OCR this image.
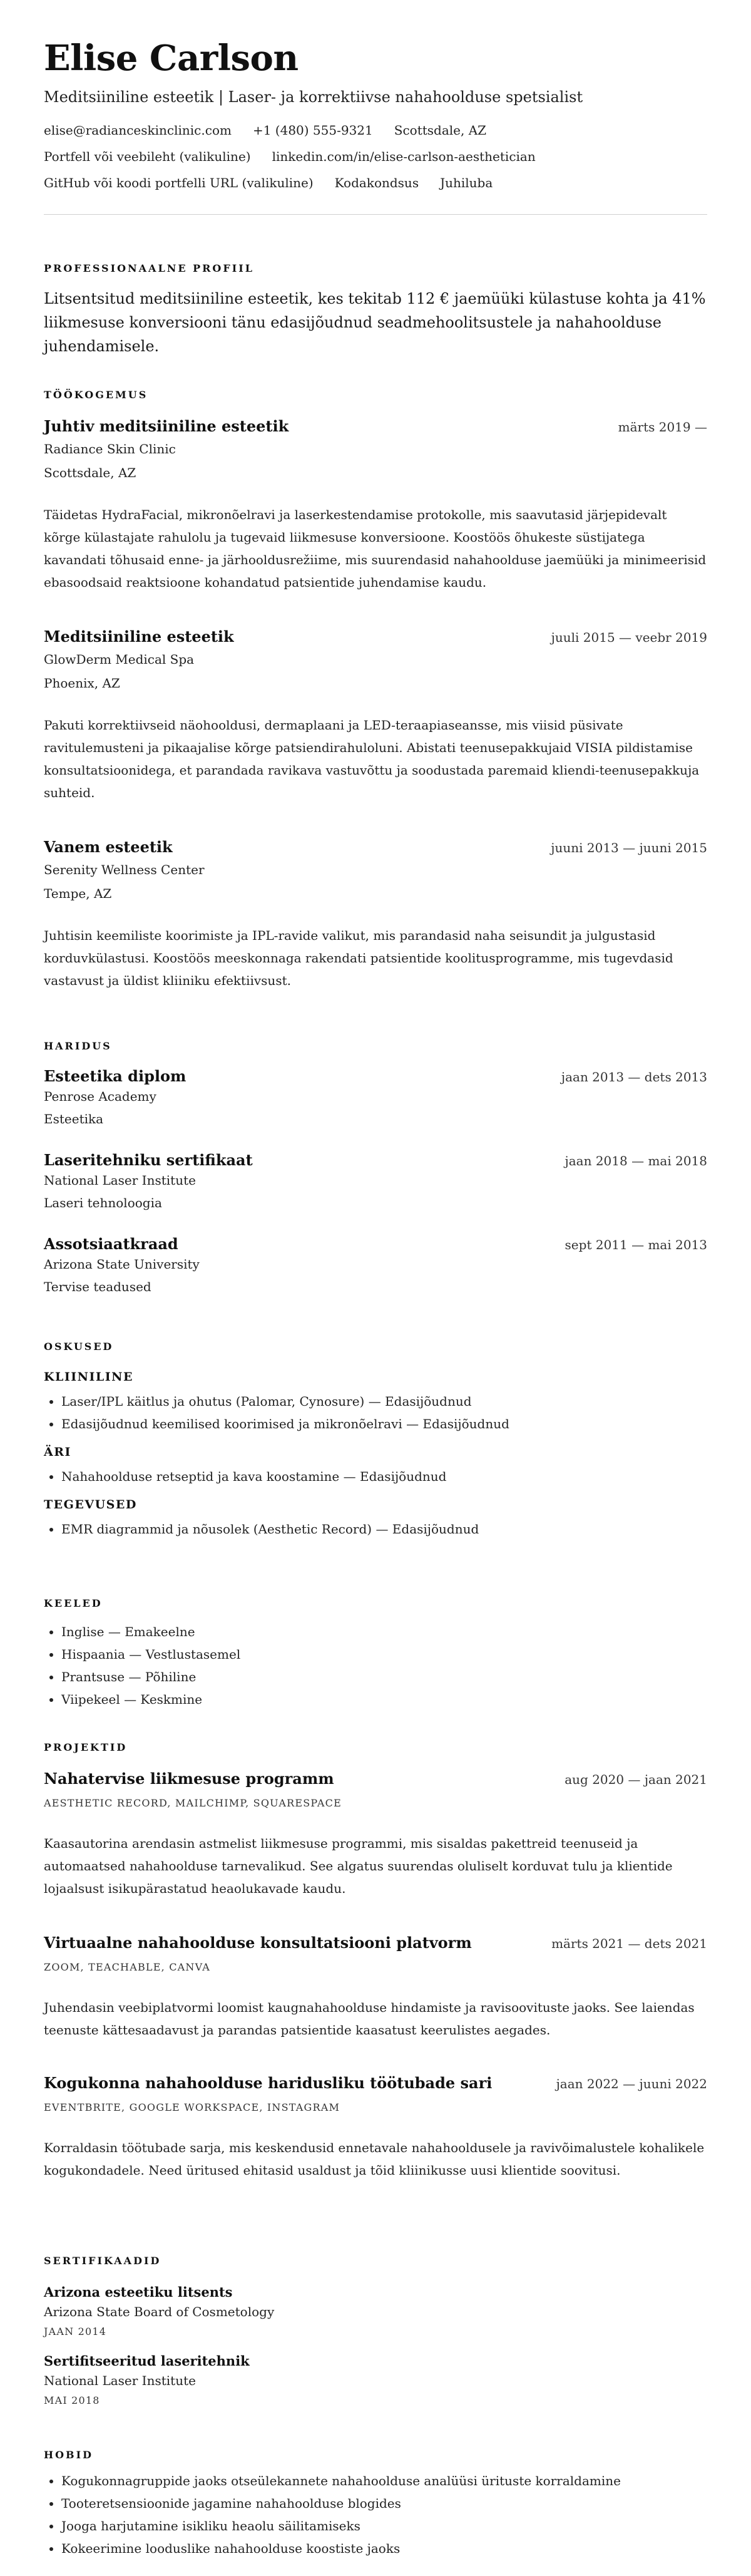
Elise Carlson
Meditsiiniline esteetik | Laser- ja korrektiivse nahahoolduse spetsialist
elise@radianceskinclinic.com +1 (480) 555-9321 Scottsdale, AZ
Portfell või veebileht (valikuline) linkedin.com/in/elise-carlson-aesthetician
GitHub või koodi portfelli URL (valikuline) Kodakondsus Juhiluba
PROFESSIONAALNE PROFIIL
Litsentsitud meditsiiniline esteetik, kes tekitab 112 € jaemüüki külastuse kohta ja 41% liikmesuse konversiooni tänu edasijõudnud seadmehoolitsustele ja nahahoolduse juhendamisele.
TÖÖKOGEMUS
Juhtiv meditsiiniline esteetik	märts 2019 —
Radiance Skin Clinic
Scottsdale, AZ
Täidetas HydraFacial, mikronõelravi ja laserkestendamise protokolle, mis saavutasid järjepidevalt kõrge külastajate rahulolu ja tugevaid liikmesuse konversioone. Koostöös õhukeste süstijatega kavandati tõhusaid enne- ja järhooldusrežiime, mis suurendasid nahahoolduse jaemüüki ja minimeerisid ebasoodsaid reaktsioone kohandatud patsientide juhendamise kaudu.
Meditsiiniline esteetik	juuli 2015 — veebr 2019
GlowDerm Medical Spa
Phoenix, AZ
Pakuti korrektiivseid näohooldusi, dermaplaani ja LED-teraapiaseansse, mis viisid püsivate ravitulemusteni ja pikaajalise kõrge patsiendirahuloluni. Abistati teenusepakkujaid VISIA pildistamise konsultatsioonidega, et parandada ravikava vastuvõttu ja soodustada paremaid kliendi-teenusepakkuja suhteid.
Vanem esteetik	juuni 2013 — juuni 2015
Serenity Wellness Center
Tempe, AZ
Juhtisin keemiliste koorimiste ja IPL-ravide valikut, mis parandasid naha seisundit ja julgustasid korduvkülastusi. Koostöös meeskonnaga rakendati patsientide koolitusprogramme, mis tugevdasid vastavust ja üldist kliiniku efektiivsust.
HARIDUS
Esteetika diplom	jaan 2013 — dets 2013
Penrose Academy
Esteetika
Laseritehniku sertifikaat	jaan 2018 — mai 2018
National Laser Institute
Laseri tehnoloogia
Assotsiaatkraad	sept 2011 — mai 2013
Arizona State University
Tervise teadused
OSKUSED
KLIINILINE
• Laser/IPL käitlus ja ohutus (Palomar, Cynosure) — Edasijõudnud
• Edasijõudnud keemilised koorimised ja mikronõelravi — Edasijõudnud
ÄRI
• Nahahoolduse retseptid ja kava koostamine — Edasijõudnud
TEGEVUSED
• EMR diagrammid ja nõusolek (Aesthetic Record) — Edasijõudnud
KEELED
• Inglise — Emakeelne
• Hispaania — Vestlustasemel
• Prantsuse — Põhiline
• Viipekeel — Keskmine
PROJEKTID
Nahatervise liikmesuse programm	aug 2020 — jaan 2021
AESTHETIC RECORD, MAILCHIMP, SQUARESPACE
Kaasautorina arendasin astmelist liikmesuse programmi, mis sisaldas pakettreid teenuseid ja automaatsed nahahoolduse tarnevalikud. See algatus suurendas oluliselt korduvat tulu ja klientide lojaalsust isikupärastatud heaolukavade kaudu.
Virtuaalne nahahoolduse konsultatsiooni platvorm	märts 2021 — dets 2021
ZOOM, TEACHABLE, CANVA
Juhendasin veebiplatvormi loomist kaugnahahoolduse hindamiste ja ravisoovituste jaoks. See laiendas teenuste kättesaadavust ja parandas patsientide kaasatust keerulistes aegades.
Kogukonna nahahoolduse haridusliku töötubade sari	jaan 2022 — juuni 2022
EVENTBRITE, GOOGLE WORKSPACE, INSTAGRAM
Korraldasin töötubade sarja, mis keskendusid ennetavale nahahooldusele ja ravivõimalustele kohalikele kogukondadele. Need üritused ehitasid usaldust ja tõid kliinikusse uusi klientide soovitusi.
SERTIFIKAADID
Arizona esteetiku litsents
Arizona State Board of Cosmetology
JAAN 2014
Sertifitseeritud laseritehnik
National Laser Institute
MAI 2018
HOBID
• Kogukonnagruppide jaoks otseülekannete nahahoolduse analüüsi ürituste korraldamine
• Tooteretsensioonide jagamine nahahoolduse blogides
• Jooga harjutamine isikliku heaolu säilitamiseks
• Kokeerimine looduslike nahahoolduse koostiste jaoks
